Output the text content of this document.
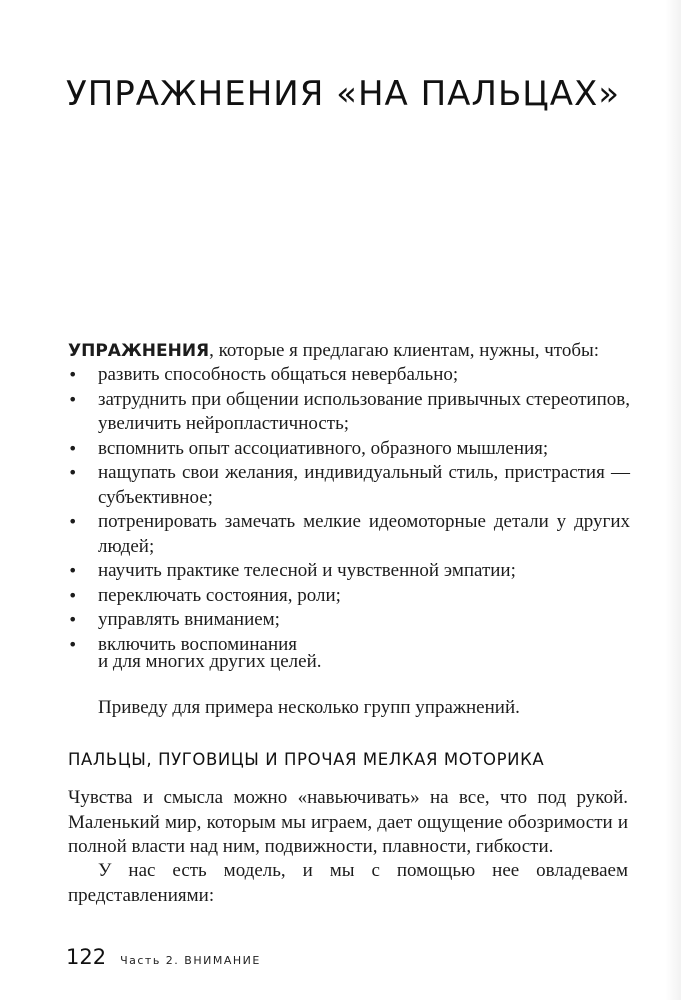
УПРАЖНЕНИЯ «НА ПАЛЬЦАХ»

УПРАЖНЕНИЯ, которые я предлагаю клиентам, нужны, чтобы:

•	развить способность общаться невербально;
•	затруднить при общении использование привычных стереотипов, увеличить нейропластичность;
•	вспомнить опыт ассоциативного, образного мышления;
•	нащупать свои желания, индивидуальный стиль, пристрастия — субъективное;
•	потренировать замечать мелкие идеомоторные детали у других людей;
•	научить практике телесной и чувственной эмпатии;
•	переключать состояния, роли;
•	управлять вниманием;
•	включить воспоминания

и для многих других целей.

Приведу для примера несколько групп упражнений.

ПАЛЬЦЫ, ПУГОВИЦЫ И ПРОЧАЯ МЕЛКАЯ МОТОРИКА

Чувства и смысла можно «навьючивать» на все, что под рукой. Маленький мир, которым мы играем, дает ощущение обозримости и полной власти над ним, подвижности, плавности, гибкости.

У нас есть модель, и мы с помощью нее овладеваем представлениями:

122 Часть 2. ВНИМАНИЕ
